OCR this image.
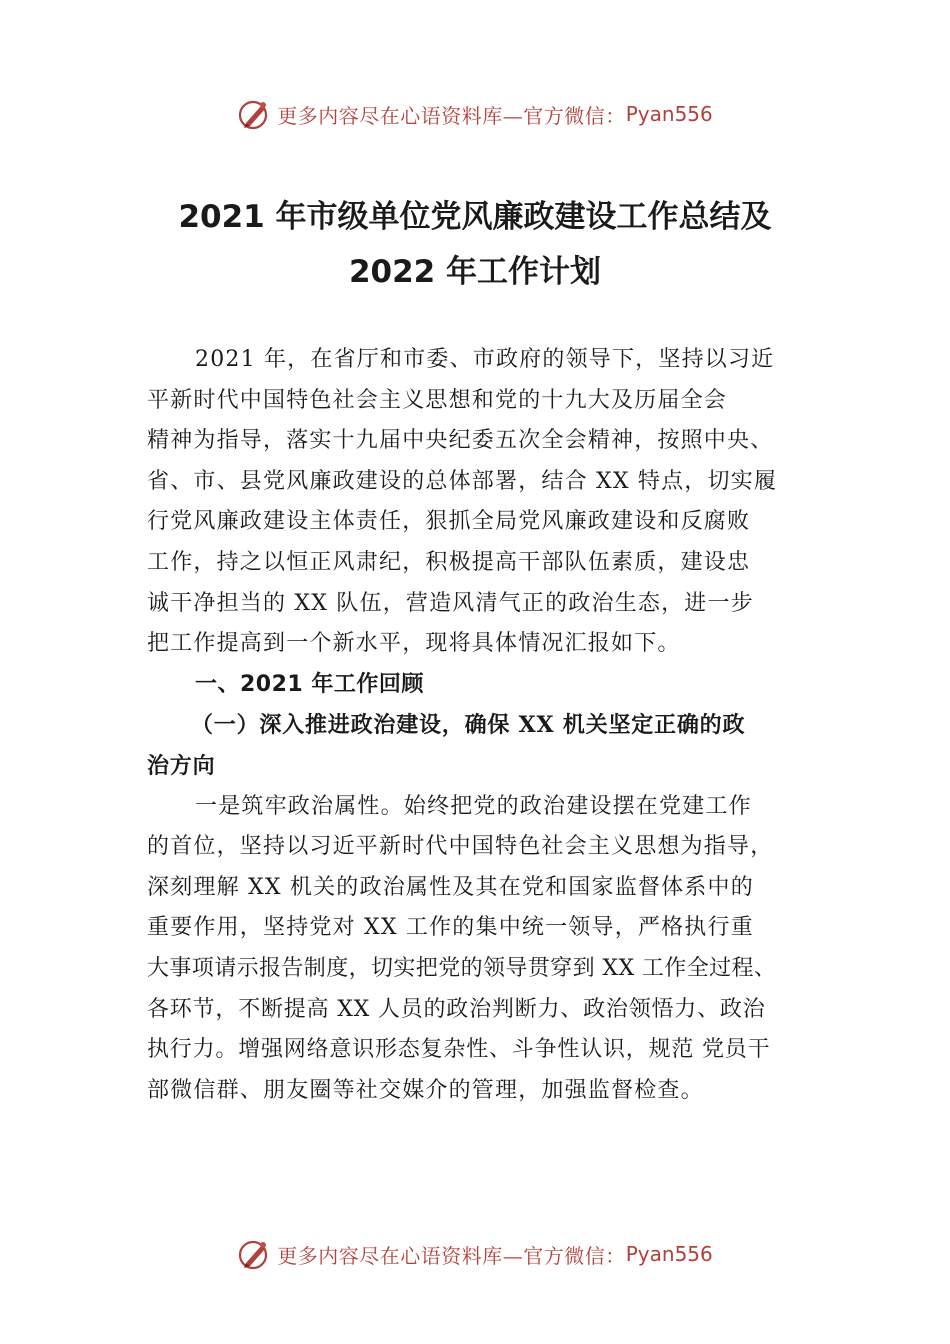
更多内容尽在心语资料库—官方微信： Pyan556
2021 年市级单位党风廉政建设工作总结及
2022 年工作计划
2021 年，在省厅和市委、市政府的领导下，坚持以习近
平新时代中国特色社会主义思想和党的十九大及历届全会
精神为指导，落实十九届中央纪委五次全会精神，按照中央、
省、市、县党风廉政建设的总体部署，结合 XX 特点，切实履
行党风廉政建设主体责任，狠抓全局党风廉政建设和反腐败
工作，持之以恒正风肃纪，积极提高干部队伍素质，建设忠
诚干净担当的 XX 队伍，营造风清气正的政治生态，进一步
把工作提高到一个新水平，现将具体情况汇报如下。
一、2021 年工作回顾
（一）深入推进政治建设，确保 XX 机关坚定正确的政
治方向
一是筑牢政治属性。始终把党的政治建设摆在党建工作
的首位，坚持以习近平新时代中国特色社会主义思想为指导，
深刻理解 XX 机关的政治属性及其在党和国家监督体系中的
重要作用，坚持党对 XX 工作的集中统一领导，严格执行重
大事项请示报告制度，切实把党的领导贯穿到 XX 工作全过程、
各环节，不断提高 XX 人员的政治判断力、政治领悟力、政治
执行力。增强网络意识形态复杂性、斗争性认识，规范 党员干
部微信群、朋友圈等社交媒介的管理，加强监督检查。
更多内容尽在心语资料库—官方微信： Pyan556
